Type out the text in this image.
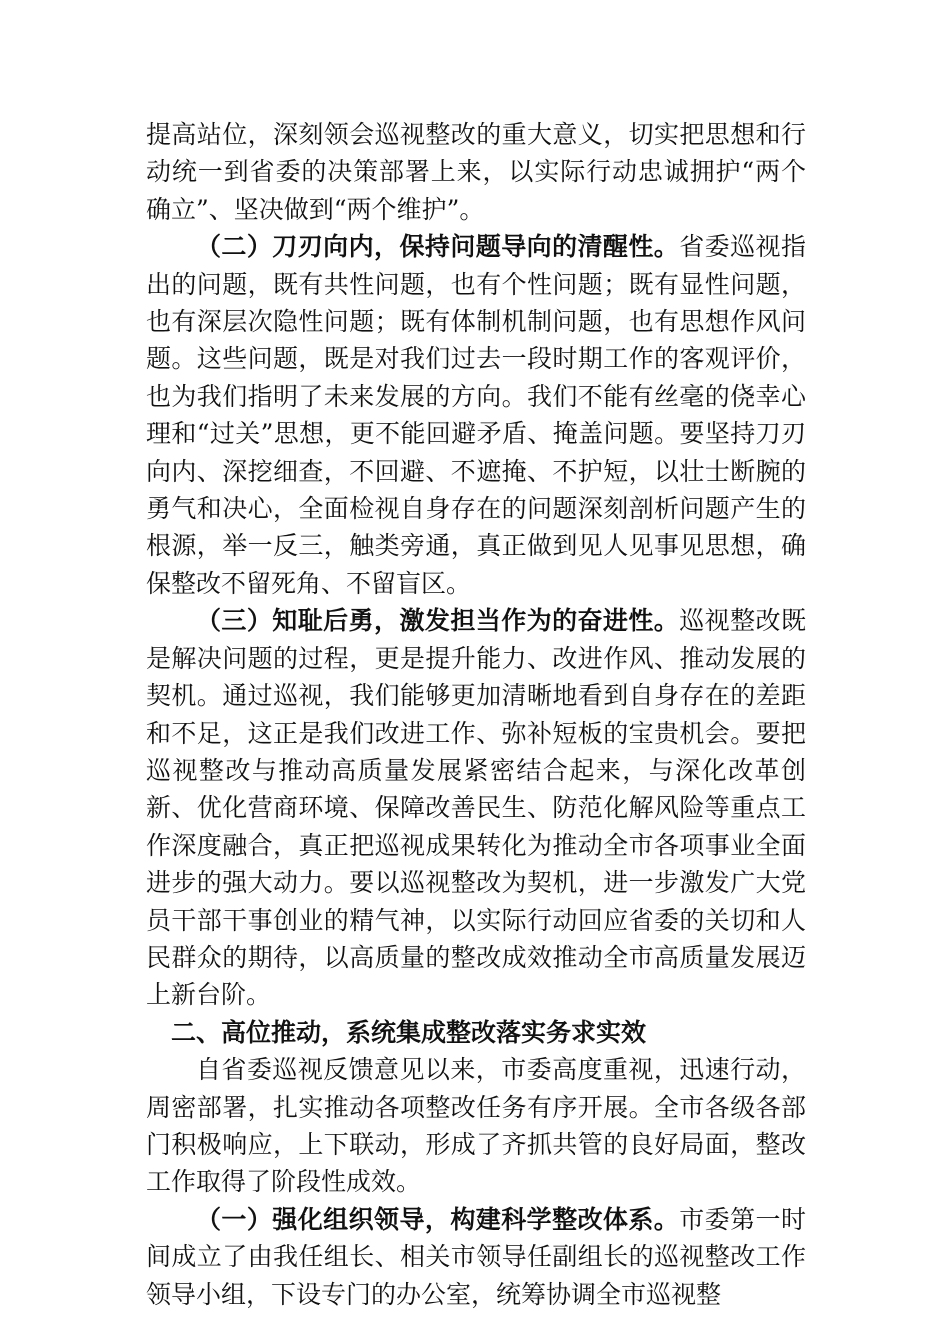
提高站位，深刻领会巡视整改的重大意义，切实把思想和行动统一到省委的决策部署上来，以实际行动忠诚拥护“两个确立”、坚决做到“两个维护”。

（二）刀刃向内，保持问题导向的清醒性。省委巡视指出的问题，既有共性问题，也有个性问题；既有显性问题，也有深层次隐性问题；既有体制机制问题，也有思想作风问题。这些问题，既是对我们过去一段时期工作的客观评价，也为我们指明了未来发展的方向。我们不能有丝毫的侥幸心理和“过关”思想，更不能回避矛盾、掩盖问题。要坚持刀刃向内、深挖细查，不回避、不遮掩、不护短，以壮士断腕的勇气和决心，全面检视自身存在的问题深刻剖析问题产生的根源，举一反三，触类旁通，真正做到见人见事见思想，确保整改不留死角、不留盲区。

（三）知耻后勇，激发担当作为的奋进性。巡视整改既是解决问题的过程，更是提升能力、改进作风、推动发展的契机。通过巡视，我们能够更加清晰地看到自身存在的差距和不足，这正是我们改进工作、弥补短板的宝贵机会。要把巡视整改与推动高质量发展紧密结合起来，与深化改革创新、优化营商环境、保障改善民生、防范化解风险等重点工作深度融合，真正把巡视成果转化为推动全市各项事业全面进步的强大动力。要以巡视整改为契机，进一步激发广大党员干部干事创业的精气神，以实际行动回应省委的关切和人民群众的期待，以高质量的整改成效推动全市高质量发展迈上新台阶。

二、高位推动，系统集成整改落实务求实效

自省委巡视反馈意见以来，市委高度重视，迅速行动，周密部署，扎实推动各项整改任务有序开展。全市各级各部门积极响应，上下联动，形成了齐抓共管的良好局面，整改工作取得了阶段性成效。

（一）强化组织领导，构建科学整改体系。市委第一时间成立了由我任组长、相关市领导任副组长的巡视整改工作领导小组，下设专门的办公室，统筹协调全市巡视整
